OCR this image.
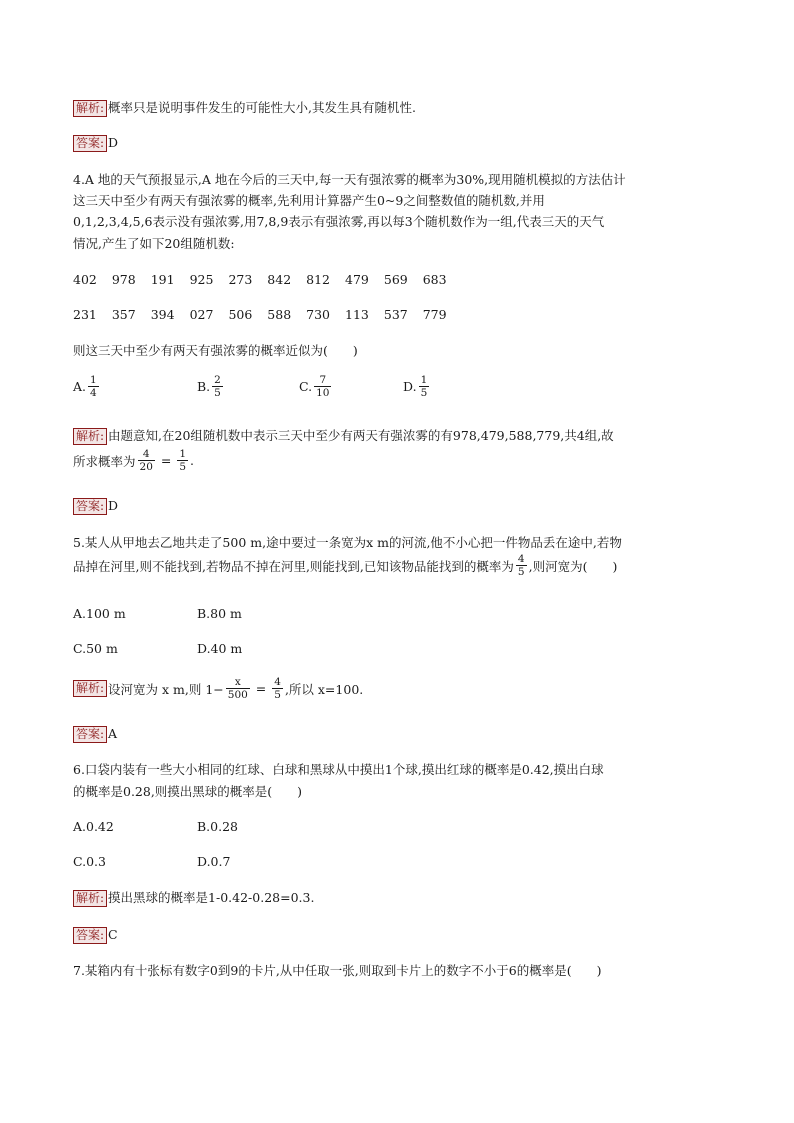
解析: 概率只是说明事件发生的可能性大小,其发生具有随机性.
答案: D
4.A 地的天气预报显示,A 地在今后的三天中,每一天有强浓雾的概率为30%,现用随机模拟的方法估计
这三天中至少有两天有强浓雾的概率,先利用计算器产生0~9之间整数值的随机数,并用
0,1,2,3,4,5,6表示没有强浓雾,用7,8,9表示有强浓雾,再以每3个随机数作为一组,代表三天的天气
情况,产生了如下20组随机数:
402 978 191 925 273 842 812 479 569 683
231 357 394 027 506 588 730 113 537 779
则这三天中至少有两天有强浓雾的概率近似为(　　)
A. $\frac{1}{4}$	B. $\frac{2}{5}$	C. $\frac{7}{10}$	D. $\frac{1}{5}$
解析: 由题意知,在20组随机数中表示三天中至少有两天有强浓雾的有978,479,588,779,共4组,故
所求概率为 $\frac{4}{20} = \frac{1}{5}$ .
答案: D
5.某人从甲地去乙地共走了500 m,途中要过一条宽为x m的河流,他不小心把一件物品丢在途中,若物
品掉在河里,则不能找到,若物品不掉在河里,则能找到,已知该物品能找到的概率为 $\frac{4}{5}$ ,则河宽为(　　)
A.100 m	B.80 m
C.50 m	D.40 m
解析: 设河宽为 x m,则 $1- \frac{x}{500} = \frac{4}{5}$ ,所以 x=100.
答案: A
6.口袋内装有一些大小相同的红球、白球和黑球从中摸出1个球,摸出红球的概率是0.42,摸出白球
的概率是0.28,则摸出黑球的概率是(　　)
A.0.42	B.0.28
C.0.3	D.0.7
解析: 摸出黑球的概率是1-0.42-0.28=0.3.
答案: C
7.某箱内有十张标有数字0到9的卡片,从中任取一张,则取到卡片上的数字不小于6的概率是(　　)
